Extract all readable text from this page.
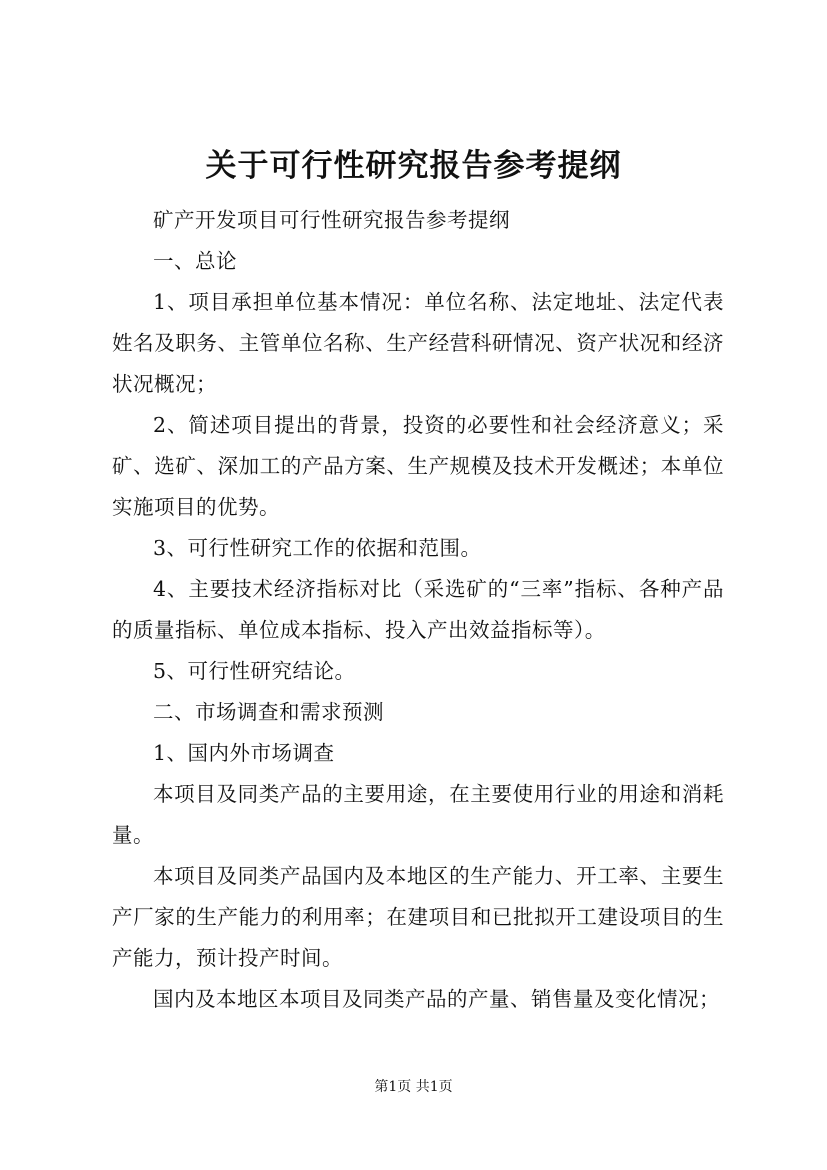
关于可行性研究报告参考提纲

矿产开发项目可行性研究报告参考提纲

一、总论

1、项目承担单位基本情况：单位名称、法定地址、法定代表姓名及职务、主管单位名称、生产经营科研情况、资产状况和经济状况概况；

2、简述项目提出的背景，投资的必要性和社会经济意义；采矿、选矿、深加工的产品方案、生产规模及技术开发概述；本单位实施项目的优势。

3、可行性研究工作的依据和范围。

4、主要技术经济指标对比（采选矿的“三率”指标、各种产品的质量指标、单位成本指标、投入产出效益指标等）。

5、可行性研究结论。

二、市场调查和需求预测

1、国内外市场调查

本项目及同类产品的主要用途，在主要使用行业的用途和消耗量。

本项目及同类产品国内及本地区的生产能力、开工率、主要生产厂家的生产能力的利用率；在建项目和已批拟开工建设项目的生产能力，预计投产时间。

国内及本地区本项目及同类产品的产量、销售量及变化情况；

第1页 共1页
